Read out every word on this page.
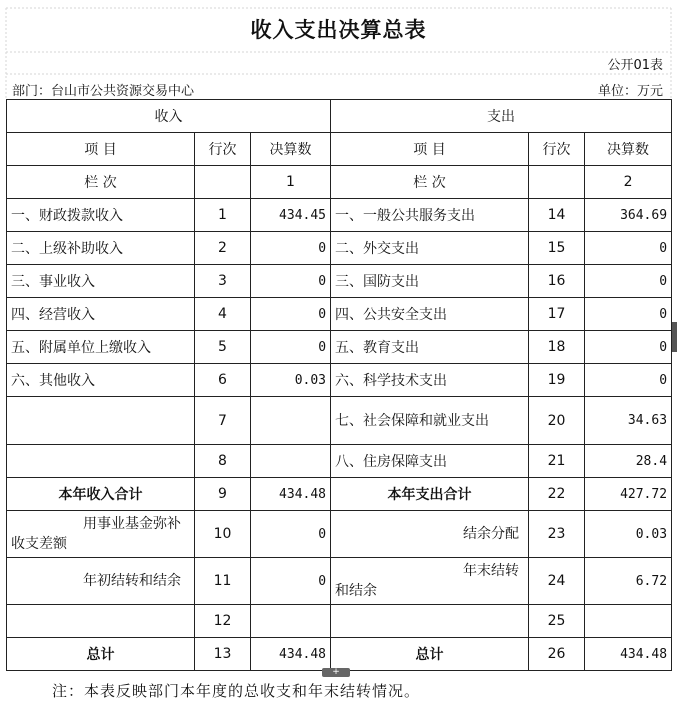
收入支出决算总表
公开01表
部门：台山市公共资源交易中心	单位：万元
收入			支出		
项 目	行次	决算数	项 目	行次	决算数
栏 次		1	栏 次		2
一、财政拨款收入	1	434.45	一、一般公共服务支出	14	364.69
二、上级补助收入	2	0	二、外交支出	15	0
三、事业收入	3	0	三、国防支出	16	0
四、经营收入	4	0	四、公共安全支出	17	0
五、附属单位上缴收入	5	0	五、教育支出	18	0
六、其他收入	6	0.03	六、科学技术支出	19	0
	7		七、社会保障和就业支出	20	34.63
	8		八、住房保障支出	21	28.4
本年收入合计	9	434.48	本年支出合计	22	427.72
用事业基金弥补收支差额	10	0	结余分配	23	0.03
年初结转和结余	11	0	年末结转和结余	24	6.72
	12			25	
总计	13	434.48	总计	26	434.48
+
注：本表反映部门本年度的总收支和年末结转情况。
